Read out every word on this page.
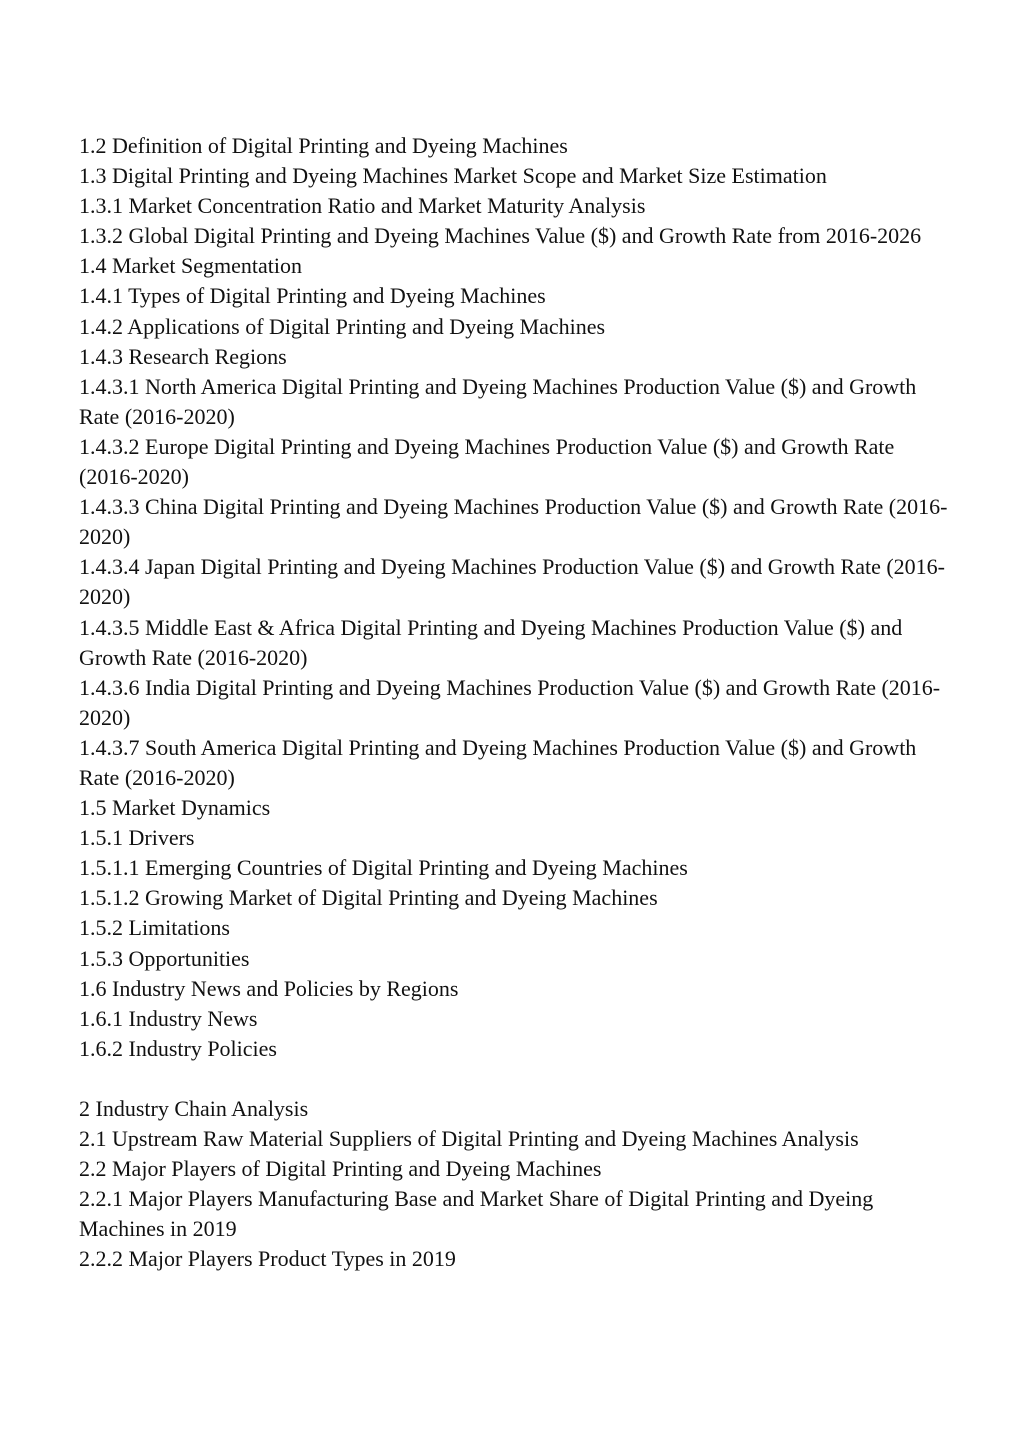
1.2 Definition of Digital Printing and Dyeing Machines
1.3 Digital Printing and Dyeing Machines Market Scope and Market Size Estimation
1.3.1 Market Concentration Ratio and Market Maturity Analysis
1.3.2 Global Digital Printing and Dyeing Machines Value ($) and Growth Rate from 2016-2026
1.4 Market Segmentation
1.4.1 Types of Digital Printing and Dyeing Machines
1.4.2 Applications of Digital Printing and Dyeing Machines
1.4.3 Research Regions
1.4.3.1 North America Digital Printing and Dyeing Machines Production Value ($) and Growth Rate (2016-2020)
1.4.3.2 Europe Digital Printing and Dyeing Machines Production Value ($) and Growth Rate (2016-2020)
1.4.3.3 China Digital Printing and Dyeing Machines Production Value ($) and Growth Rate (2016-2020)
1.4.3.4 Japan Digital Printing and Dyeing Machines Production Value ($) and Growth Rate (2016-2020)
1.4.3.5 Middle East & Africa Digital Printing and Dyeing Machines Production Value ($) and Growth Rate (2016-2020)
1.4.3.6 India Digital Printing and Dyeing Machines Production Value ($) and Growth Rate (2016-2020)
1.4.3.7 South America Digital Printing and Dyeing Machines Production Value ($) and Growth Rate (2016-2020)
1.5 Market Dynamics
1.5.1 Drivers
1.5.1.1 Emerging Countries of Digital Printing and Dyeing Machines
1.5.1.2 Growing Market of Digital Printing and Dyeing Machines
1.5.2 Limitations
1.5.3 Opportunities
1.6 Industry News and Policies by Regions
1.6.1 Industry News
1.6.2 Industry Policies
2 Industry Chain Analysis
2.1 Upstream Raw Material Suppliers of Digital Printing and Dyeing Machines Analysis
2.2 Major Players of Digital Printing and Dyeing Machines
2.2.1 Major Players Manufacturing Base and Market Share of Digital Printing and Dyeing Machines in 2019
2.2.2 Major Players Product Types in 2019
